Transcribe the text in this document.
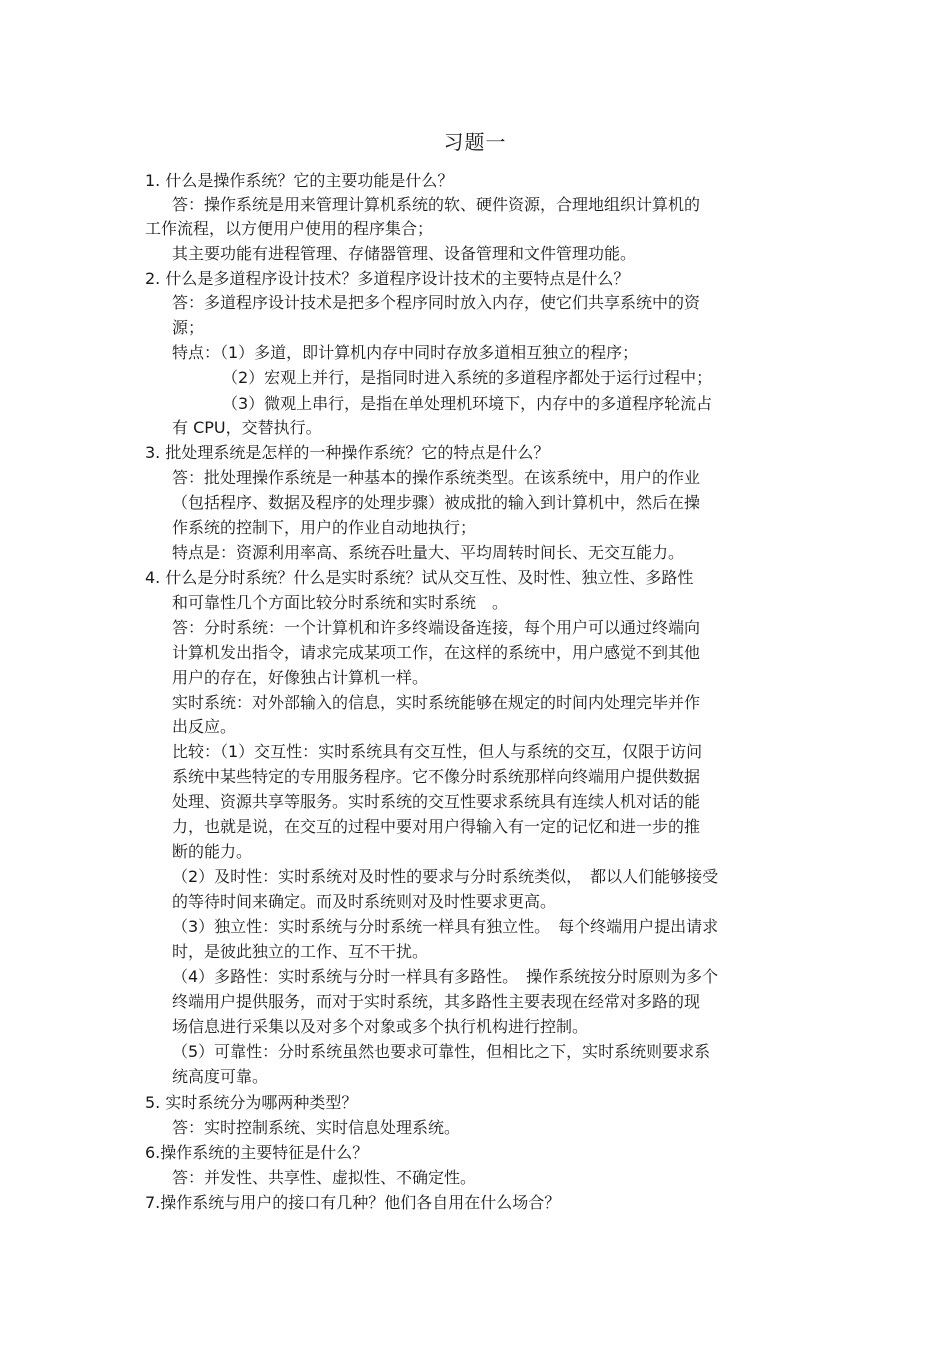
习题一
1. 什么是操作系统？它的主要功能是什么？
答：操作系统是用来管理计算机系统的软、硬件资源，合理地组织计算机的
工作流程，以方便用户使用的程序集合；
其主要功能有进程管理、存储器管理、设备管理和文件管理功能。
2. 什么是多道程序设计技术？多道程序设计技术的主要特点是什么？
答：多道程序设计技术是把多个程序同时放入内存，使它们共享系统中的资
源；
特点：（1）多道，即计算机内存中同时存放多道相互独立的程序；
（2）宏观上并行，是指同时进入系统的多道程序都处于运行过程中；
（3）微观上串行，是指在单处理机环境下，内存中的多道程序轮流占
有 CPU，交替执行。
3. 批处理系统是怎样的一种操作系统？它的特点是什么？
答：批处理操作系统是一种基本的操作系统类型。在该系统中，用户的作业
（包括程序、数据及程序的处理步骤）被成批的输入到计算机中，然后在操
作系统的控制下，用户的作业自动地执行；
特点是：资源利用率高、系统吞吐量大、平均周转时间长、无交互能力。
4. 什么是分时系统？什么是实时系统？试从交互性、及时性、独立性、多路性
和可靠性几个方面比较分时系统和实时系统　。
答：分时系统：一个计算机和许多终端设备连接，每个用户可以通过终端向
计算机发出指令，请求完成某项工作，在这样的系统中，用户感觉不到其他
用户的存在，好像独占计算机一样。
实时系统：对外部输入的信息，实时系统能够在规定的时间内处理完毕并作
出反应。
比较：（1）交互性：实时系统具有交互性，但人与系统的交互，仅限于访问
系统中某些特定的专用服务程序。它不像分时系统那样向终端用户提供数据
处理、资源共享等服务。实时系统的交互性要求系统具有连续人机对话的能
力，也就是说，在交互的过程中要对用户得输入有一定的记忆和进一步的推
断的能力。
（2）及时性：实时系统对及时性的要求与分时系统类似，　都以人们能够接受
的等待时间来确定。而及时系统则对及时性要求更高。
（3）独立性：实时系统与分时系统一样具有独立性。　每个终端用户提出请求
时，是彼此独立的工作、互不干扰。
（4）多路性：实时系统与分时一样具有多路性。　操作系统按分时原则为多个
终端用户提供服务，而对于实时系统，其多路性主要表现在经常对多路的现
场信息进行采集以及对多个对象或多个执行机构进行控制。
（5）可靠性：分时系统虽然也要求可靠性，但相比之下，实时系统则要求系
统高度可靠。
5. 实时系统分为哪两种类型？
答：实时控制系统、实时信息处理系统。
6.操作系统的主要特征是什么？
答：并发性、共享性、虚拟性、不确定性。
7.操作系统与用户的接口有几种？他们各自用在什么场合？
